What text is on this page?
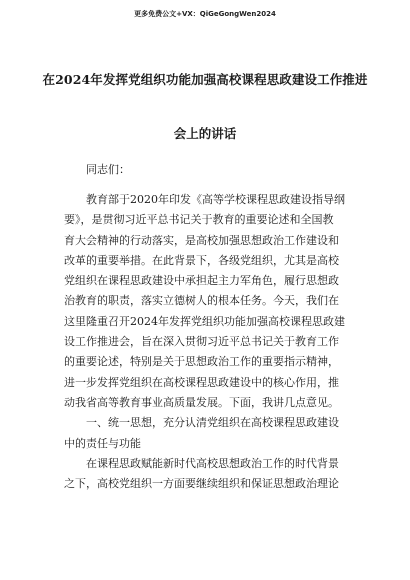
更多免费公文+VX：QiGeGongWen2024
在2024年发挥党组织功能加强高校课程思政建设工作推进
会上的讲话

同志们：

教育部于2020年印发《高等学校课程思政建设指导纲

要》，是贯彻习近平总书记关于教育的重要论述和全国教

育大会精神的行动落实，是高校加强思想政治工作建设和

改革的重要举措。在此背景下，各级党组织，尤其是高校

党组织在课程思政建设中承担起主力军角色，履行思想政

治教育的职责，落实立德树人的根本任务。今天，我们在

这里隆重召开2024年发挥党组织功能加强高校课程思政建

设工作推进会，旨在深入贯彻习近平总书记关于教育工作

的重要论述，特别是关于思想政治工作的重要指示精神，

进一步发挥党组织在高校课程思政建设中的核心作用，推

动我省高等教育事业高质量发展。下面，我讲几点意见。

一、统一思想，充分认清党组织在高校课程思政建设

中的责任与功能

在课程思政赋能新时代高校思想政治工作的时代背景

之下，高校党组织一方面要继续组织和保证思想政治理论
